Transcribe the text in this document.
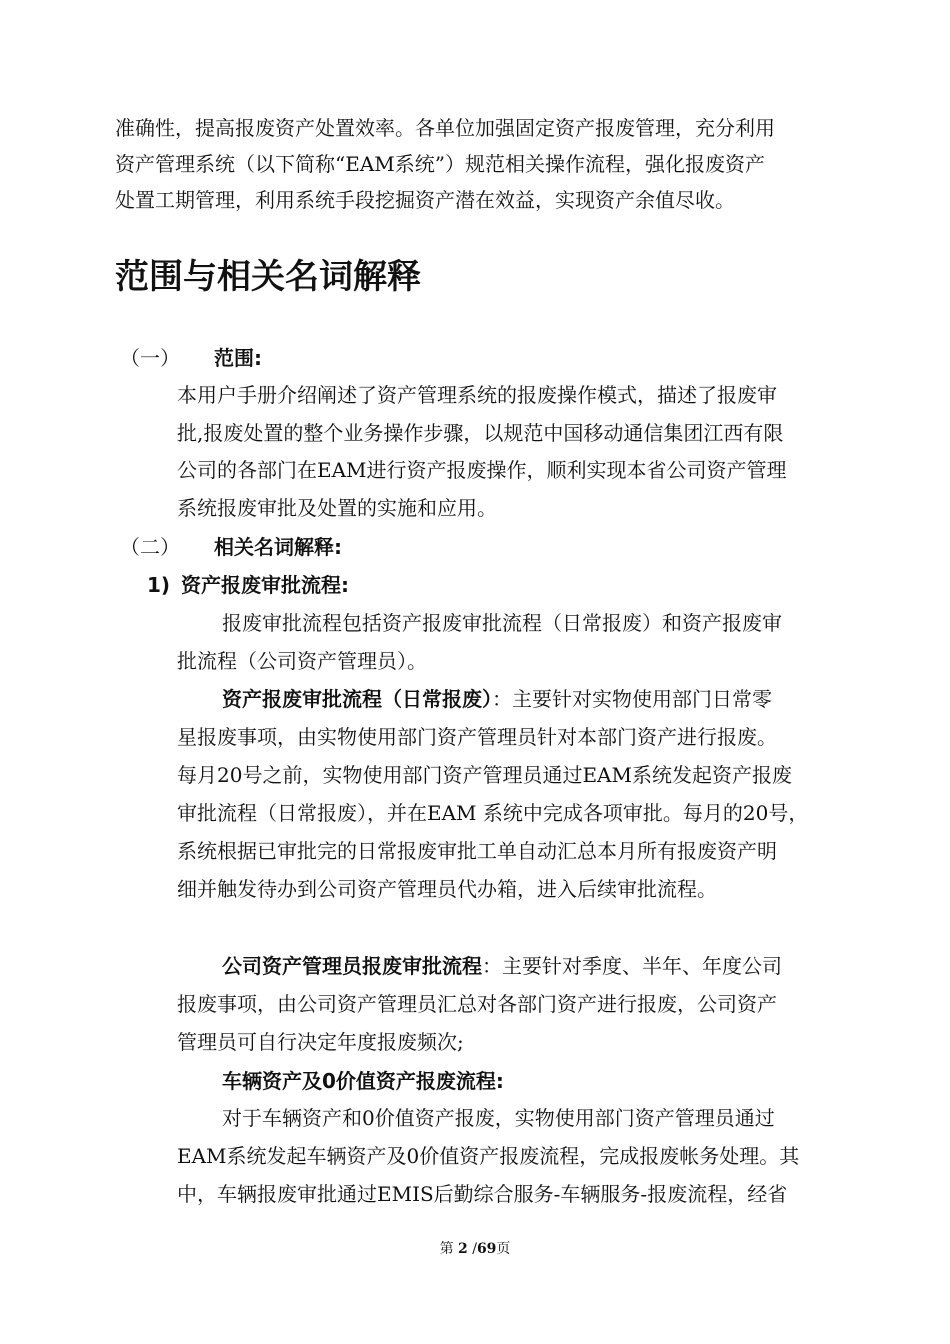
准确性，提高报废资产处置效率。各单位加强固定资产报废管理，充分利用
资产管理系统（以下简称“EAM系统”）规范相关操作流程，强化报废资产
处置工期管理，利用系统手段挖掘资产潜在效益，实现资产余值尽收。
范围与相关名词解释
（一） 范围:
本用户手册介绍阐述了资产管理系统的报废操作模式，描述了报废审
批,报废处置的整个业务操作步骤，以规范中国移动通信集团江西有限
公司的各部门在EAM进行资产报废操作，顺利实现本省公司资产管理
系统报废审批及处置的实施和应用。
（二） 相关名词解释:
1) 资产报废审批流程:
报废审批流程包括资产报废审批流程（日常报废）和资产报废审
批流程（公司资产管理员）。
资产报废审批流程（日常报废）：主要针对实物使用部门日常零
星报废事项，由实物使用部门资产管理员针对本部门资产进行报废。
每月20号之前，实物使用部门资产管理员通过EAM系统发起资产报废
审批流程（日常报废），并在EAM 系统中完成各项审批。每月的20号，
系统根据已审批完的日常报废审批工单自动汇总本月所有报废资产明
细并触发待办到公司资产管理员代办箱，进入后续审批流程。
公司资产管理员报废审批流程：主要针对季度、半年、年度公司
报废事项，由公司资产管理员汇总对各部门资产进行报废，公司资产
管理员可自行决定年度报废频次;
车辆资产及0价值资产报废流程:
对于车辆资产和0价值资产报废，实物使用部门资产管理员通过
EAM系统发起车辆资产及0价值资产报废流程，完成报废帐务处理。其
中，车辆报废审批通过EMIS后勤综合服务-车辆服务-报废流程，经省
第 2 /69页
